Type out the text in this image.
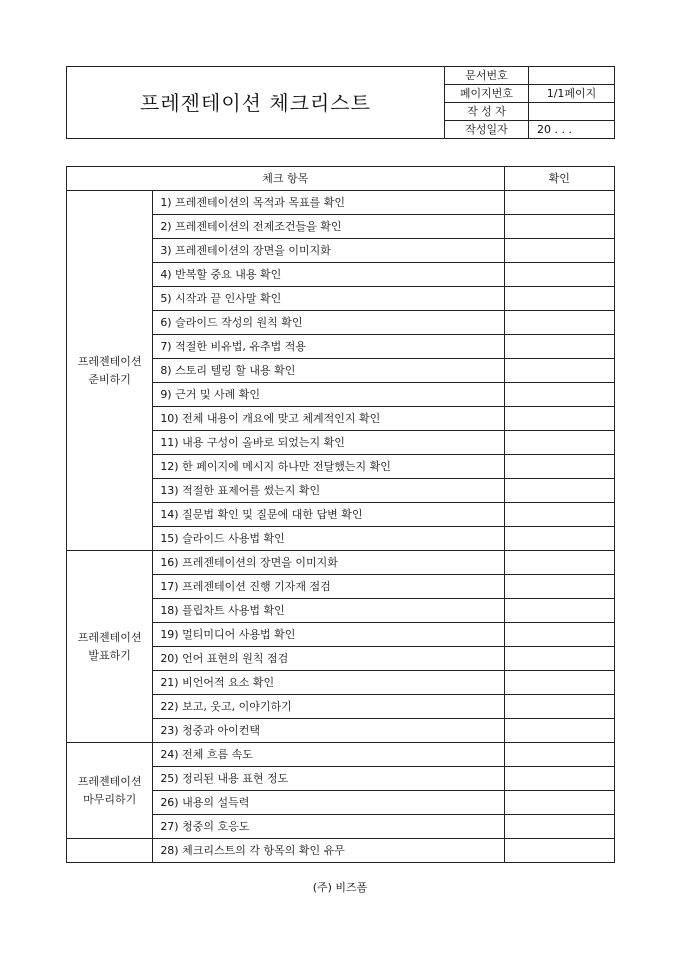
프레젠테이션 체크리스트	문서번호	
	페이지번호	1/1페이지
	작 성 자	
	작성일자	20 . . .
체크 항목		확인

프레젠테이션
준비하기	1) 프레젠테이션의 목적과 목표를 확인	
	2) 프레젠테이션의 전제조건들을 확인	
	3) 프레젠테이션의 장면을 이미지화	
	4) 반복할 중요 내용 확인	
	5) 시작과 끝 인사말 확인	
	6) 슬라이드 작성의 원칙 확인	
	7) 적절한 비유법, 유추법 적용	
	8) 스토리 텔링 할 내용 확인	
	9) 근거 및 사례 확인	
	10) 전체 내용이 개요에 맞고 체계적인지 확인	
	11) 내용 구성이 올바로 되었는지 확인	
	12) 한 페이지에 메시지 하나만 전달했는지 확인	
	13) 적절한 표제어를 썼는지 확인	
	14) 질문법 확인 및 질문에 대한 답변 확인	
	15) 슬라이드 사용법 확인	

프레젠테이션
발표하기	16) 프레젠테이션의 장면을 이미지화	
	17) 프레젠테이션 진행 기자재 점검	
	18) 플립차트 사용법 확인	
	19) 멀티미디어 사용법 확인	
	20) 언어 표현의 원칙 점검	
	21) 비언어적 요소 확인	
	22) 보고, 웃고, 이야기하기	
	23) 청중과 아이컨택	

프레젠테이션
마무리하기	24) 전체 흐름 속도	
	25) 정리된 내용 표현 정도	
	26) 내용의 설득력	
	27) 청중의 호응도	

	28) 체크리스트의 각 항목의 확인 유무	
(주) 비즈폼
